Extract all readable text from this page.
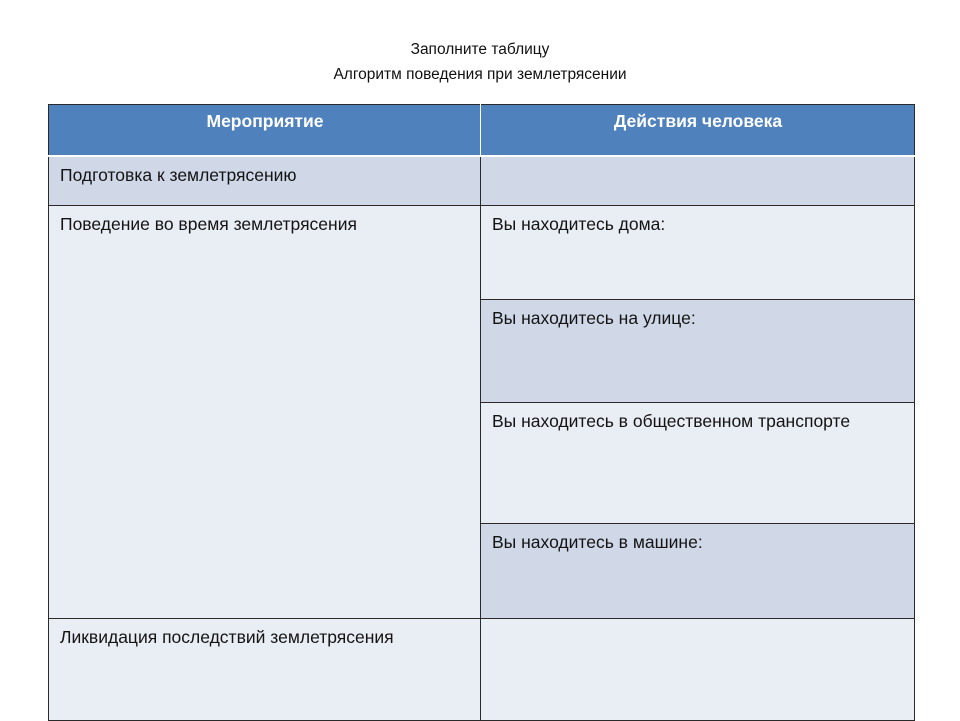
Заполните таблицу
Алгоритм поведения при землетрясении
Мероприятие	Действия человека
Подготовка к землетрясению	
Поведение во время землетрясения	Вы находитесь дома:
	Вы находитесь на улице:
	Вы находитесь в общественном транспорте
	Вы находитесь в машине:
Ликвидация последствий землетрясения	
